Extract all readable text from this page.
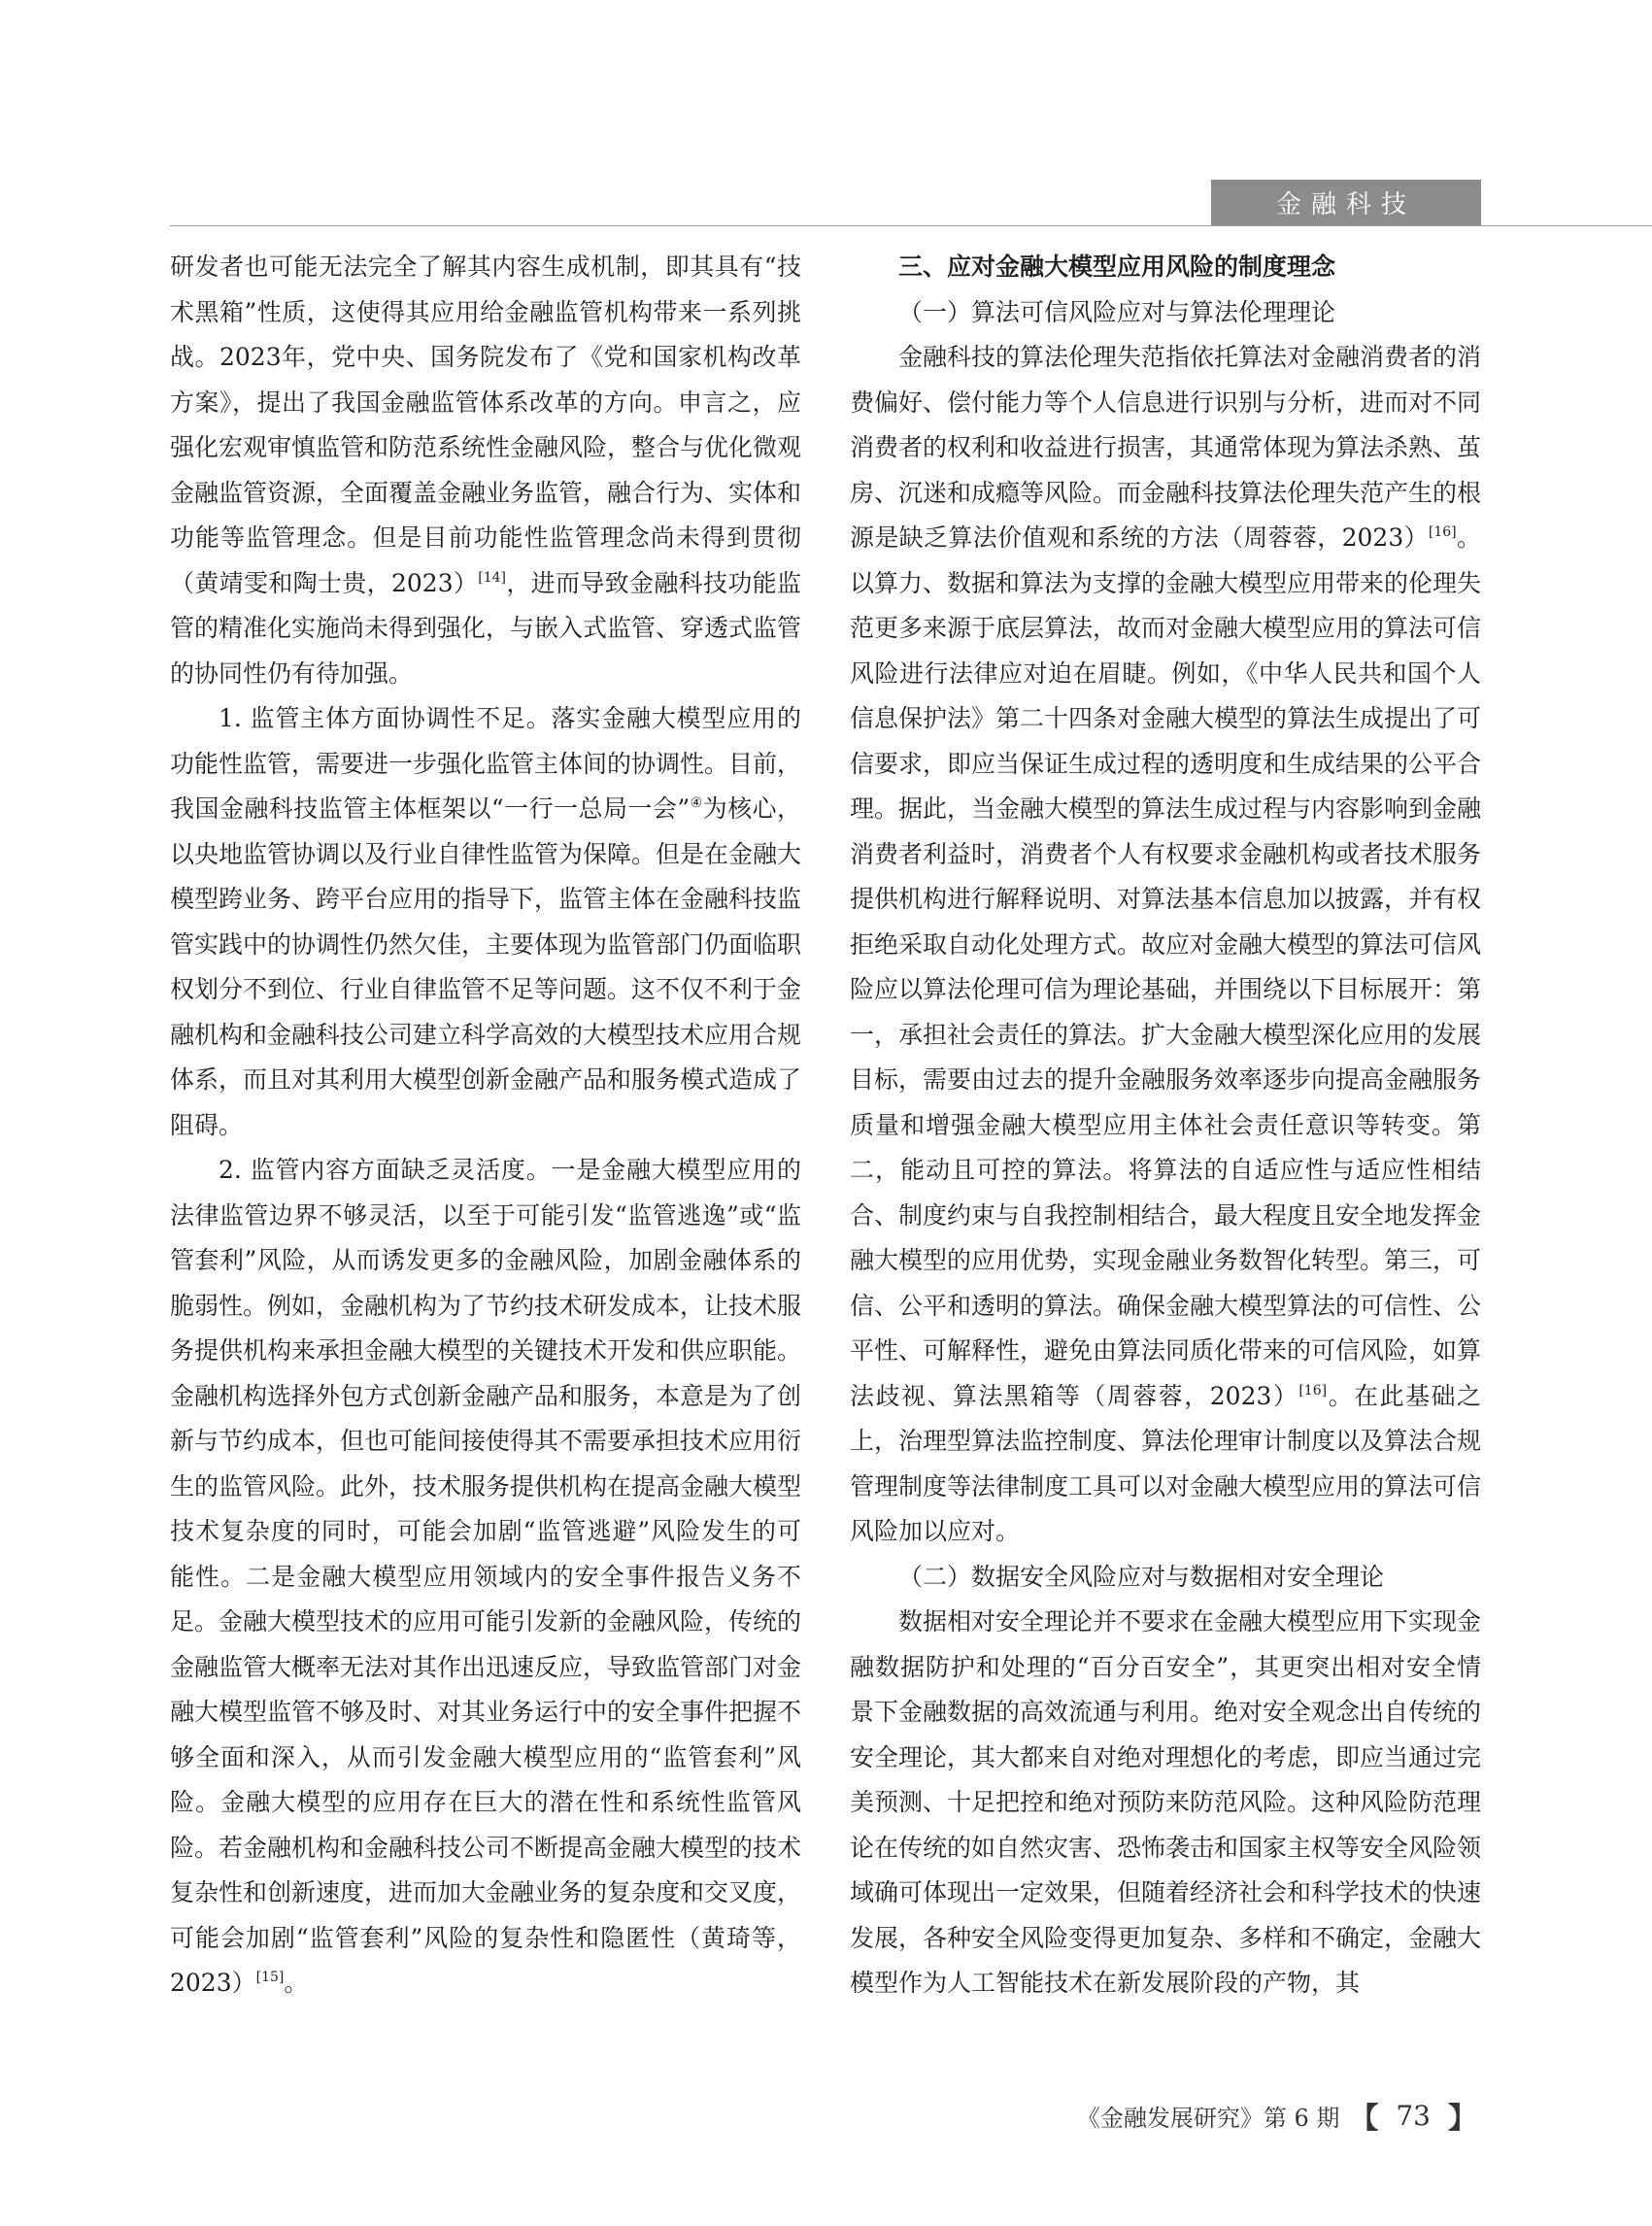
金融科技

研发者也可能无法完全了解其内容生成机制，即其具有“技术黑箱”性质，这使得其应用给金融监管机构带来一系列挑战。2023年，党中央、国务院发布了《党和国家机构改革方案》，提出了我国金融监管体系改革的方向。申言之，应强化宏观审慎监管和防范系统性金融风险，整合与优化微观金融监管资源，全面覆盖金融业务监管，融合行为、实体和功能等监管理念。但是目前功能性监管理念尚未得到贯彻（黄靖雯和陶士贵，2023）[14]，进而导致金融科技功能监管的精准化实施尚未得到强化，与嵌入式监管、穿透式监管的协同性仍有待加强。

1. 监管主体方面协调性不足。落实金融大模型应用的功能性监管，需要进一步强化监管主体间的协调性。目前，我国金融科技监管主体框架以“一行一总局一会”④为核心，以央地监管协调以及行业自律性监管为保障。但是在金融大模型跨业务、跨平台应用的指导下，监管主体在金融科技监管实践中的协调性仍然欠佳，主要体现为监管部门仍面临职权划分不到位、行业自律监管不足等问题。这不仅不利于金融机构和金融科技公司建立科学高效的大模型技术应用合规体系，而且对其利用大模型创新金融产品和服务模式造成了阻碍。

2. 监管内容方面缺乏灵活度。一是金融大模型应用的法律监管边界不够灵活，以至于可能引发“监管逃逸”或“监管套利”风险，从而诱发更多的金融风险，加剧金融体系的脆弱性。例如，金融机构为了节约技术研发成本，让技术服务提供机构来承担金融大模型的关键技术开发和供应职能。金融机构选择外包方式创新金融产品和服务，本意是为了创新与节约成本，但也可能间接使得其不需要承担技术应用衍生的监管风险。此外，技术服务提供机构在提高金融大模型技术复杂度的同时，可能会加剧“监管逃避”风险发生的可能性。二是金融大模型应用领域内的安全事件报告义务不足。金融大模型技术的应用可能引发新的金融风险，传统的金融监管大概率无法对其作出迅速反应，导致监管部门对金融大模型监管不够及时、对其业务运行中的安全事件把握不够全面和深入，从而引发金融大模型应用的“监管套利”风险。金融大模型的应用存在巨大的潜在性和系统性监管风险。若金融机构和金融科技公司不断提高金融大模型的技术复杂性和创新速度，进而加大金融业务的复杂度和交叉度，可能会加剧“监管套利”风险的复杂性和隐匿性（黄琦等，2023）[15]。

三、应对金融大模型应用风险的制度理念

（一）算法可信风险应对与算法伦理理论

金融科技的算法伦理失范指依托算法对金融消费者的消费偏好、偿付能力等个人信息进行识别与分析，进而对不同消费者的权利和收益进行损害，其通常体现为算法杀熟、茧房、沉迷和成瘾等风险。而金融科技算法伦理失范产生的根源是缺乏算法价值观和系统的方法（周蓉蓉，2023）[16]。以算力、数据和算法为支撑的金融大模型应用带来的伦理失范更多来源于底层算法，故而对金融大模型应用的算法可信风险进行法律应对迫在眉睫。例如，《中华人民共和国个人信息保护法》第二十四条对金融大模型的算法生成提出了可信要求，即应当保证生成过程的透明度和生成结果的公平合理。据此，当金融大模型的算法生成过程与内容影响到金融消费者利益时，消费者个人有权要求金融机构或者技术服务提供机构进行解释说明、对算法基本信息加以披露，并有权拒绝采取自动化处理方式。故应对金融大模型的算法可信风险应以算法伦理可信为理论基础，并围绕以下目标展开：第一，承担社会责任的算法。扩大金融大模型深化应用的发展目标，需要由过去的提升金融服务效率逐步向提高金融服务质量和增强金融大模型应用主体社会责任意识等转变。第二，能动且可控的算法。将算法的自适应性与适应性相结合、制度约束与自我控制相结合，最大程度且安全地发挥金融大模型的应用优势，实现金融业务数智化转型。第三，可信、公平和透明的算法。确保金融大模型算法的可信性、公平性、可解释性，避免由算法同质化带来的可信风险，如算法歧视、算法黑箱等（周蓉蓉，2023）[16]。在此基础之上，治理型算法监控制度、算法伦理审计制度以及算法合规管理制度等法律制度工具可以对金融大模型应用的算法可信风险加以应对。

（二）数据安全风险应对与数据相对安全理论

数据相对安全理论并不要求在金融大模型应用下实现金融数据防护和处理的“百分百安全”，其更突出相对安全情景下金融数据的高效流通与利用。绝对安全观念出自传统的安全理论，其大都来自对绝对理想化的考虑，即应当通过完美预测、十足把控和绝对预防来防范风险。这种风险防范理论在传统的如自然灾害、恐怖袭击和国家主权等安全风险领域确可体现出一定效果，但随着经济社会和科学技术的快速发展，各种安全风险变得更加复杂、多样和不确定，金融大模型作为人工智能技术在新发展阶段的产物，其

《金融发展研究》第 6 期 【 73 】
